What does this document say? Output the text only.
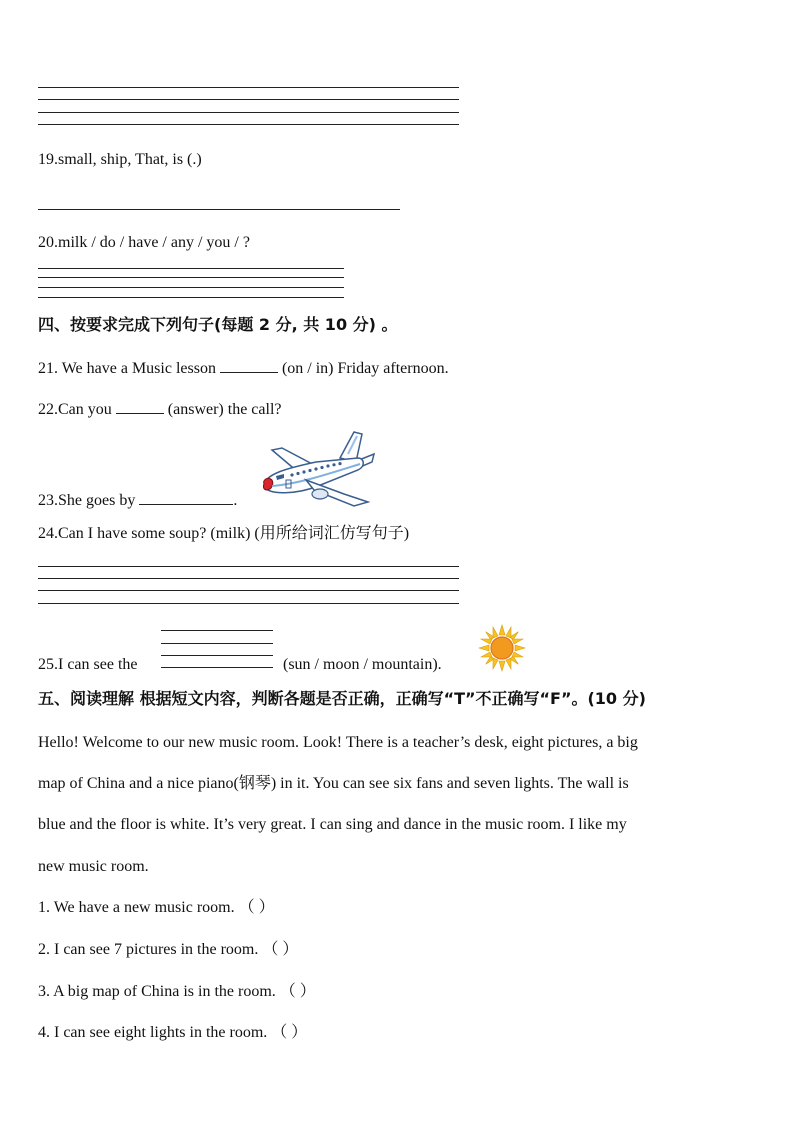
19.small, ship, That, is (.)
20.milk / do / have / any / you / ?
四、按要求完成下列句子(每题 2 分, 共 10 分) 。
21. We have a Music lesson	(on / in) Friday afternoon.
22.Can you	(answer) the call?
23.She goes by	.
24.Can I have some soup? (milk) (用所给词汇仿写句子)
25.I can see the	(sun / moon / mountain).
五、阅读理解 根据短文内容，判断各题是否正确，正确写“T”不正确写“F”。(10 分)
Hello! Welcome to our new music room. Look! There is a teacher’s desk, eight pictures, a big
map of China and a nice piano(钢琴) in it. You can see six fans and seven lights. The wall is
blue and the floor is white. It’s very great. I can sing and dance in the music room. I like my
new music room.
1. We have a new music room. （ ）
2. I can see 7 pictures in the room. （ ）
3. A big map of China is in the room. （ ）
4. I can see eight lights in the room. （ ）
